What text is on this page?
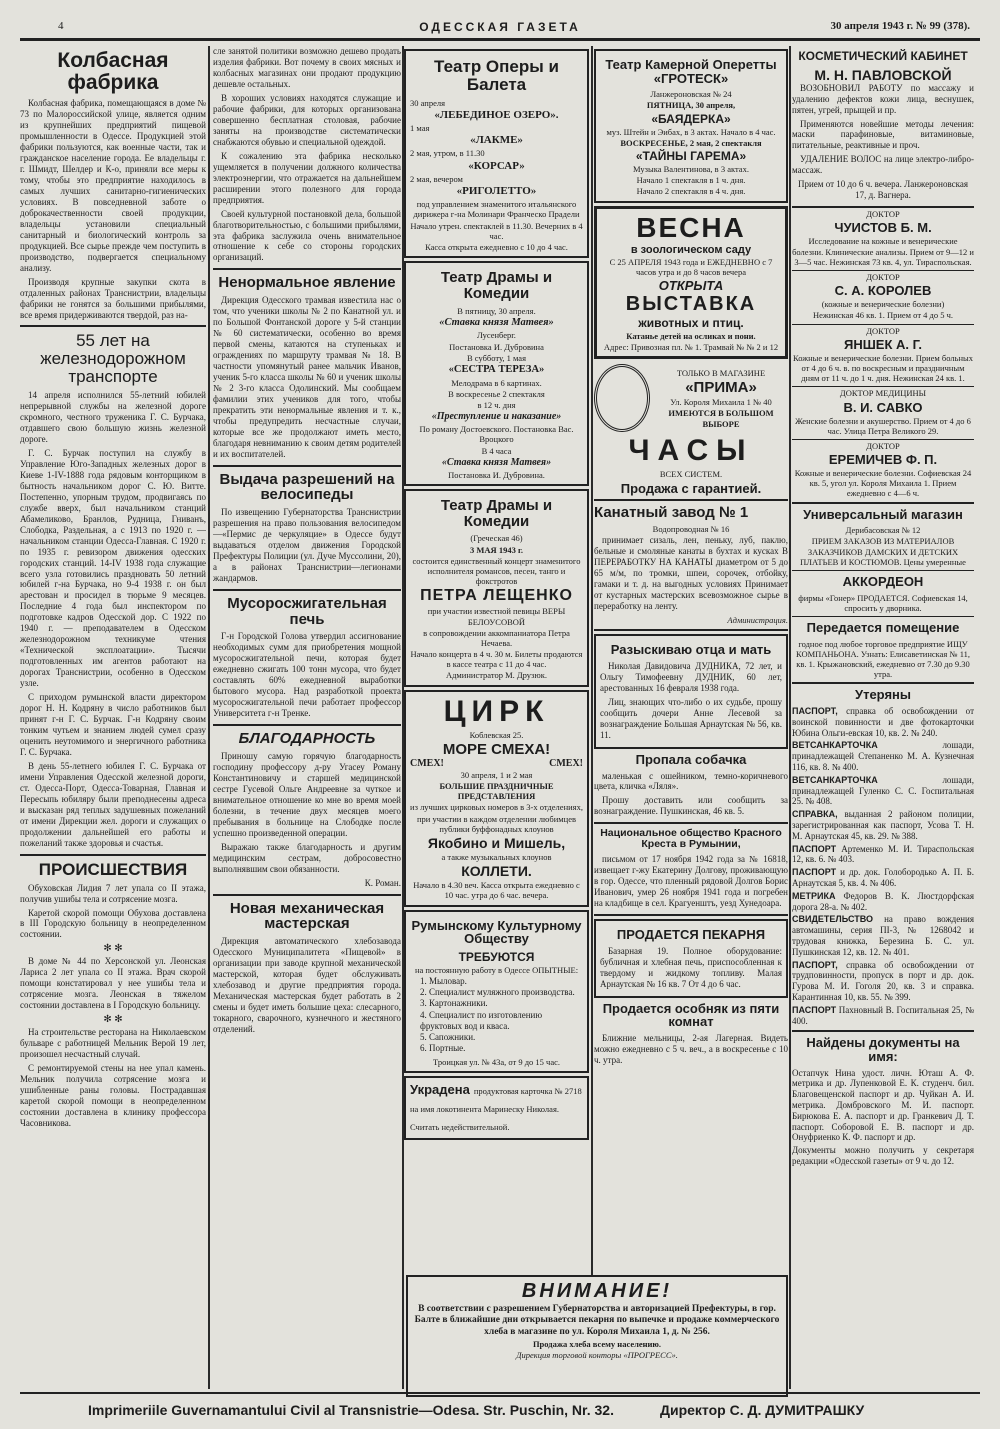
4	ОДЕССКАЯ ГАЗЕТА	30 апреля 1943 г. № 99 (378).
Колбасная фабрика

Колбасная фабрика, помещающаяся в доме № 73 по Малороссийской улице, является одним из крупнейших предприятий пищевой промышленности в Одессе. Продукцией этой фабрики пользуются, как военные части, так и гражданское население города. Ее владельцы г. г. Шмидт, Шелдер и К-о, приняли все меры к тому, чтобы это предприятие находилось в самых лучших санитарно-гигиенических условиях. В повседневной заботе о доброкачественности своей продукции, владельцы установили специальный санитарный и биологический контроль за продукцией. Все сырье прежде чем поступить в производство, подвергается специальному анализу.

Производя крупные закупки скота в отдаленных районах Транснистрии, владельцы фабрики не гонятся за большими прибылями, все время придерживаются твердой, раз на-

55 лет на железнодорожном транспорте

14 апреля исполнился 55-летний юбилей непрерывной службы на железной дороге скромного, честного труженика Г. С. Бурчака, отдавшего свою большую жизнь железной дороге.

Г. С. Бурчак поступил на службу в Управление Юго-Западных железных дорог в Киеве 1-IV-1888 года рядовым конторщиком в бытность начальником дорог С. Ю. Витте. Постепенно, упорным трудом, продвигаясь по службе вверх, был начальником станций Абамеликово, Бранлов, Рудница, Гниванъ, Слободка, Раздельная, а с 1913 по 1920 г. — начальником станции Одесса-Главная. С 1920 г. по 1935 г. ревизором движения одесских городских станций. 14-IV 1938 года служащие всего узла готовились праздновать 50 летний юбилей г-на Бурчака, но 9-4 1938 г. он был арестован и просидел в тюрьме 9 месяцев. Последние 4 года был инспектором по подготовке кадров Одесской дор. С 1922 по 1940 г. — преподавателем в Одесском железнодорожном техникуме чтения «Технической эксплоатации». Тысячи подготовленных им агентов работают на дорогах Транснистрии, особенно в Одесском узле.

С приходом румынской власти директором дорог Н. Н. Кодряну в число работников был принят г-н Г. С. Бурчак. Г-н Кодряну своим тонким чутьем и знанием людей сумел сразу оценить неутомимого и энергичного работника Г. С. Бурчака.

В день 55-летнего юбилея Г. С. Бурчака от имени Управления Одесской железной дороги, ст. Одесса-Порт, Одесса-Товарная, Главная и Пересыпь юбиляру были преподнесены адреса и высказан ряд теплых задушевных пожеланий от имени Дирекции жел. дороги и служащих о продолжении дальнейшей его работы и пожеланий также здоровья и счастья.

ПРОИСШЕСТВИЯ

Обуховская Лидия 7 лет упала со II этажа, получив ушибы тела и сотрясение мозга.

Каретой скорой помощи Обухова доставлена в III Городскую больницу в неопределенном состоянии.

✻ ✻

В доме № 44 по Херсонской ул. Леонская Лариса 2 лет упала со II этажа. Врач скорой помощи констатировал у нее ушибы тела и сотрясение мозга. Леонская в тяжелом состоянии доставлена в I Городскую больницу.

✻ ✻

На строительстве ресторана на Николаевском бульваре с работницей Мельник Верой 19 лет, произошел несчастный случай.

С ремонтируемой стены на нее упал камень. Мельник получила сотрясение мозга и ушибленные раны головы. Пострадавшая каретой скорой помощи в неопределенном состоянии доставлена в клинику профессора Часовникова.

сле занятой политики возможно дешево продать изделия фабрики. Вот почему в своих мясных и колбасных магазинах они продают продукцию дешевле остальных.

В хороших условиях находятся служащие и рабочие фабрики, для которых организована совершенно бесплатная столовая, рабочие заняты на производстве систематически снабжаются обувью и специальной одеждой.

К сожалению эта фабрика несколько ущемляется в получении должного количества электроэнергии, что отражается на дальнейшем расширении этого полезного для города предприятия.

Своей культурной постановкой дела, большой благотворительностью, с большими прибылями, эта фабрика заслужила очень внимательное отношение к себе со стороны городских организаций.

Ненормальное явление

Дирекция Одесского трамвая известила нас о том, что ученики школы № 2 по Канатной ул. и по Большой Фонтанской дороге у 5-й станции № 60 систематически, особенно во время первой смены, катаются на ступеньках и ограждениях по маршруту трамвая № 18. В частности упомянутый ранее мальчик Иванов, ученик 5-го класса школы № 60 и ученик школы № 2 3-го класса Одолинский. Мы сообщаем фамилии этих учеников для того, чтобы прекратить эти ненормальные явления и т. к., чтобы предупредить несчастные случаи, которые все же продолжают иметь место, благодаря невниманию к своим детям родителей и их воспитателей.

Выдача разрешений на велосипеды

По извещению Губернаторства Транснистрии разрешения на право пользования велосипедом—«Пермис де черкуляцие» в Одессе будут выдаваться отделом движения Городской Префектуры Полиции (ул. Дуче Муссолини, 20), а в районах Транснистрии—легионами жандармов.

Мусоросжигательная печь

Г-н Городской Голова утвердил ассигнование необходимых сумм для приобретения мощной мусоросжигательной печи, которая будет ежедневно сжигать 100 тонн мусора, что будет составлять 60% ежедневной выработки бытового мусора. Над разработкой проекта мусоросжигательной печи работает профессор Университета г-н Тренке.

БЛАГОДАРНОСТЬ

Приношу самую горячую благодарность господину профессору д-ру Угасеу Роману Константиновичу и старшей медицинской сестре Гусевой Ольге Андреевне за чуткое и внимательное отношение ко мне во время моей болезни, в течение двух месяцев моего пребывания в больнице на Слободке после успешно произведенной операции.

Выражаю также благодарность и другим медицинским сестрам, добросовестно выполнявшим свои обязанности.

К. Роман.

Новая механическая мастерская

Дирекция автоматического хлебозавода Одесского Муниципалитета «Пищевой» в организации при заводе крупной механической мастерской, которая будет обслуживать хлебозавод и другие предприятия города. Механическая мастерская будет работать в 2 смены и будет иметь большие цеха: слесарного, токарного, сварочного, кузнечного и жестяного отделений.

Театр Оперы и Балета
30 апреля
«ЛЕБЕДИНОЕ ОЗЕРО».
1 мая
«ЛАКМЕ»
2 мая, утром, в 11.30
«КОРСАР»
2 мая, вечером
«РИГОЛЕТТО»
под управлением знаменитого итальянского дирижера г-на Молинари Франческо Прадели
Начало утрен. спектаклей в 11.30. Вечерних в 4 час.
Касса открыта ежедневно с 10 до 4 час.
Театр Драмы и Комедии
В пятницу, 30 апреля.
«Ставка князя Матвея»
Лусенберг.
Постановка И. Дубровина
В субботу, 1 мая
«СЕСТРА ТЕРЕЗА»
Мелодрама в 6 картинах.
В воскресенье 2 спектакля
в 12 ч. дня
«Преступление и наказание»
По роману Достоевского. Постановка Вас. Вроцкого
В 4 часа
«Ставка князя Матвея»
Постановка И. Дубровина.
Театр Драмы и Комедии
(Греческая 46)
3 МАЯ 1943 г.
состоится единственный концерт знаменитого исполнителя романсов, песен, танго и фокстротов
ПЕТРА ЛЕЩЕНКО
при участии известной певицы ВЕРЫ БЕЛОУСОВОЙ
в сопровождении аккомпаниатора Петра Нечаева.
Начало концерта в 4 ч. 30 м. Билеты продаются в кассе театра с 11 до 4 час.
Администратор М. Друзюк.
ЦИРК
Коблевская 25.
МОРЕ СМЕХА!
СМЕХ!	СМЕХ!
30 апреля, 1 и 2 мая
БОЛЬШИЕ ПРАЗДНИЧНЫЕ ПРЕДСТАВЛЕНИЯ
из лучших цирковых номеров в 3-х отделениях,
при участии в каждом отделении любимцев публики буффонадных клоунов
Якобино и Мишель,
а также музыкальных клоунов
КОЛЛЕТИ.
Начало в 4.30 веч. Касса открыта ежедневно с 10 час. утра до 6 час. вечера.
Румынскому Культурному Обществу
ТРЕБУЮТСЯ
на постоянную работу в Одессе ОПЫТНЫЕ:
1. Мыловар.
2. Специалист муляжного производства.
3. Картонажники.
4. Специалист по изготовлению фруктовых вод и кваса.
5. Сапожники.
6. Портные.
Троицкая ул. № 43а, от 9 до 15 час.
Украдена продуктовая карточка № 2718 на имя локотинента Маринеску Николая. Считать недействительной.
Театр Камерной Оперетты «ГРОТЕСК»
Ланжероновская № 24
ПЯТНИЦА, 30 апреля,
«БАЯДЕРКА»
муз. Штейн и Эибах, в 3 актах. Начало в 4 час.
ВОСКРЕСЕНЬЕ, 2 мая, 2 спектакля
«ТАЙНЫ ГАРЕМА»
Музыка Валентинова, в 3 актах.
Начало 1 спектакля в 1 ч. дня.
Начало 2 спектакля в 4 ч. дня.
ВЕСНА
в зоологическом саду
С 25 АПРЕЛЯ 1943 года и ЕЖЕДНЕВНО с 7 часов утра и до 8 часов вечера
ОТКРЫТА
ВЫСТАВКА
животных и птиц.
Катанье детей на осликах и пони.
Адрес: Привозная пл. № 1. Трамвай № № 2 и 12
ТОЛЬКО В МАГАЗИНЕ
«ПРИМА»
Ул. Короля Михаила 1 № 40
ИМЕЮТСЯ В БОЛЬШОМ ВЫБОРЕ
ЧАСЫ
ВСЕХ СИСТЕМ.
Продажа с гарантией.
Канатный завод № 1
Водопроводная № 16

принимает сизаль, лен, пеньку, луб, паклю, бельные и смоляные канаты в бухтах и кусках В ПЕРЕРАБОТКУ НА КАНАТЫ диаметром от 5 до 65 м/м, по тромки, шпеи, сорочек, отбойку, гамаки и т. д. на выгодных условиях Принимает от кустарных мастерских всевозможное сырье в переработку на ленту.

Администрация.
Разыскиваю отца и мать

Николая Давидовича ДУДНИКА, 72 лет, и Ольгу Тимофеевну ДУДНИК, 60 лет, арестованных 16 февраля 1938 года.

Лиц, знающих что-либо о их судьбе, прошу сообщить дочери Анне Лесевой за вознаграждение Большая Арнаутская № 56, кв. 11.

Пропала собачка

маленькая с ошейником, темно-коричневого цвета, кличка «Ляля».

Прошу доставить или сообщить за вознаграждение. Пушкинская, 46 кв. 5.

Национальное общество Красного Креста в Румынии,

письмом от 17 ноября 1942 года за № 16818, извещает г-жу Екатерину Долгову, проживающую в гор. Одессе, что пленный рядовой Долгов Борис Иванович, умер 26 ноября 1941 года и погребен на кладбище в сел. Крагуенштъ, уезд Хунедоара.

ПРОДАЕТСЯ ПЕКАРНЯ

Базарная 19. Полное оборудование: бубличная и хлебная печь, приспособленная к твердому и жидкому топливу. Малая Арнаутская № 16 кв. 7 От 4 до 6 час.

Продается особняк из пяти комнат

Ближние мельницы, 2-ая Лагерная. Видеть можно ежедневно с 5 ч. веч., а в воскресенье с 10 ч. утра.

КОСМЕТИЧЕСКИЙ КАБИНЕТ
М. Н. ПАВЛОВСКОЙ

ВОЗОБНОВИЛ РАБОТУ по массажу и удалению дефектов кожи лица, веснушек, пятен, угрей, прыщей и пр.

Применяются новейшие методы лечения: маски парафиновые, витаминовые, питательные, реактивные и проч.

УДАЛЕНИЕ ВОЛОС на лице электро-либро-массаж.

Прием от 10 до 6 ч. вечера. Ланжероновская 17, д. Вагнера.

ДОКТОР
ЧУИСТОВ Б. М.
Исследование на кожные и венерические болезни. Клинические анализы. Прием от 9—12 и 3—5 час. Нежинская 73 кв. 4, ул. Тираспольская.
ДОКТОР
С. А. КОРОЛЕВ
(кожные и венерические болезни)
Нежинская 46 кв. 1. Прием от 4 до 5 ч.
ДОКТОР
ЯНШЕК А. Г.
Кожные и венерические болезни. Прием больных от 4 до 6 ч. в. по воскресным и праздничным дням от 11 ч. до 1 ч. дня. Нежинская 24 кв. 1.
ДОКТОР МЕДИЦИНЫ
В. И. САВКО
Женские болезни и акушерство. Прием от 4 до 6 час. Улица Петра Великого 29.
ДОКТОР
ЕРЕМИЧЕВ Ф. П.
Кожные и венерические болезни. Софиевская 24 кв. 5, угол ул. Короля Михаила 1. Прием ежедневно с 4—6 ч.
Универсальный магазин
Дерибасовская № 12
ПРИЕМ ЗАКАЗОВ ИЗ МАТЕРИАЛОВ ЗАКАЗЧИКОВ ДАМСКИХ И ДЕТСКИХ ПЛАТЬЕВ И КОСТЮМОВ. Цены умеренные
АККОРДЕОН
фирмы «Гонер» ПРОДАЕТСЯ. Софиевская 14, спросить у дворника.
Передается помещение
годное под любое торговое предприятие ИЩУ КОМПАНЬОНА. Узнать: Елисаветинская № 11, кв. 1. Крыжановский, ежедневно от 7.30 до 9.30 утра.
Утеряны

ПАСПОРТ, справка об освобождении от воинской повинности и две фотокарточки Юбина Ольги-евская 10, кв. 2. № 240.

ВЕТСАНКАРТОЧКА	лошади, принадлежащей Степаненко М. А. Кузнечная 116, кв. 8. № 400.

ВЕТСАНКАРТОЧКА	лошади, принадлежащей Гуленко С. С. Госпитальная 25. № 408.

СПРАВКА, выданная 2 районом полиции, зарегистрированная как паспорт, Усова Т. Н. М. Арнаутская 45, кв. 29. № 388.

ПАСПОРТ Артеменко М. И. Тираспольская 12, кв. 6. № 403.

ПАСПОРТ и др. док. Голобородько А. П. Б. Арнаутская 5, кв. 4. № 406.

МЕТРИКА Федоров В. К. Люстдорфская дорога 28-а. № 402.

СВИДЕТЕЛЬСТВО на право вождения автомашины, серия ПІ-3, № 1268042 и трудовая книжка, Березина Б. С. ул. Пушкинская 12, кв. 12. № 401.

ПАСПОРТ, справка об освобождении от трудповинности, пропуск в порт и др. док. Гурова М. И. Гоголя 20, кв. 3 и справка. Карантинная 10, кв. 55. № 399.

ПАСПОРТ Пахновный В. Госпитальная 25, № 400.

Найдены документы на имя:

Остапчук Нина удост. личн. Юташ А. Ф. метрика и др. Лупенковой Е. К. студенч. бил. Благовещенской паспорт и др. Чуйкан А. И. метрика. Домбровского М. И. паспорт. Бирюкова Е. А. паспорт и др. Гранкевич Д. Т. паспорт. Соборовой Е. В. паспорт и др. Онуфриенко К. Ф. паспорт и др.

Документы можно получить у секретаря редакции «Одесской газеты» от 9 ч. до 12.

ВНИМАНИЕ!
В соответствии с разрешением Губернаторства и авторизацией Префектуры, в гор. Балте в ближайшие дни открывается пекарня по выпечке и продаже коммерческого хлеба в магазине по ул. Короля Михаила 1, д. № 256.
Продажа хлеба всему населению.
Дирекция торговой конторы «ПРОГРЕСС».
Imprimeriile Guvernamantului Civil al Transnistrie—Odesa. Str. Puschin, Nr. 32.	Директор С. Д. ДУМИТРАШКУ
